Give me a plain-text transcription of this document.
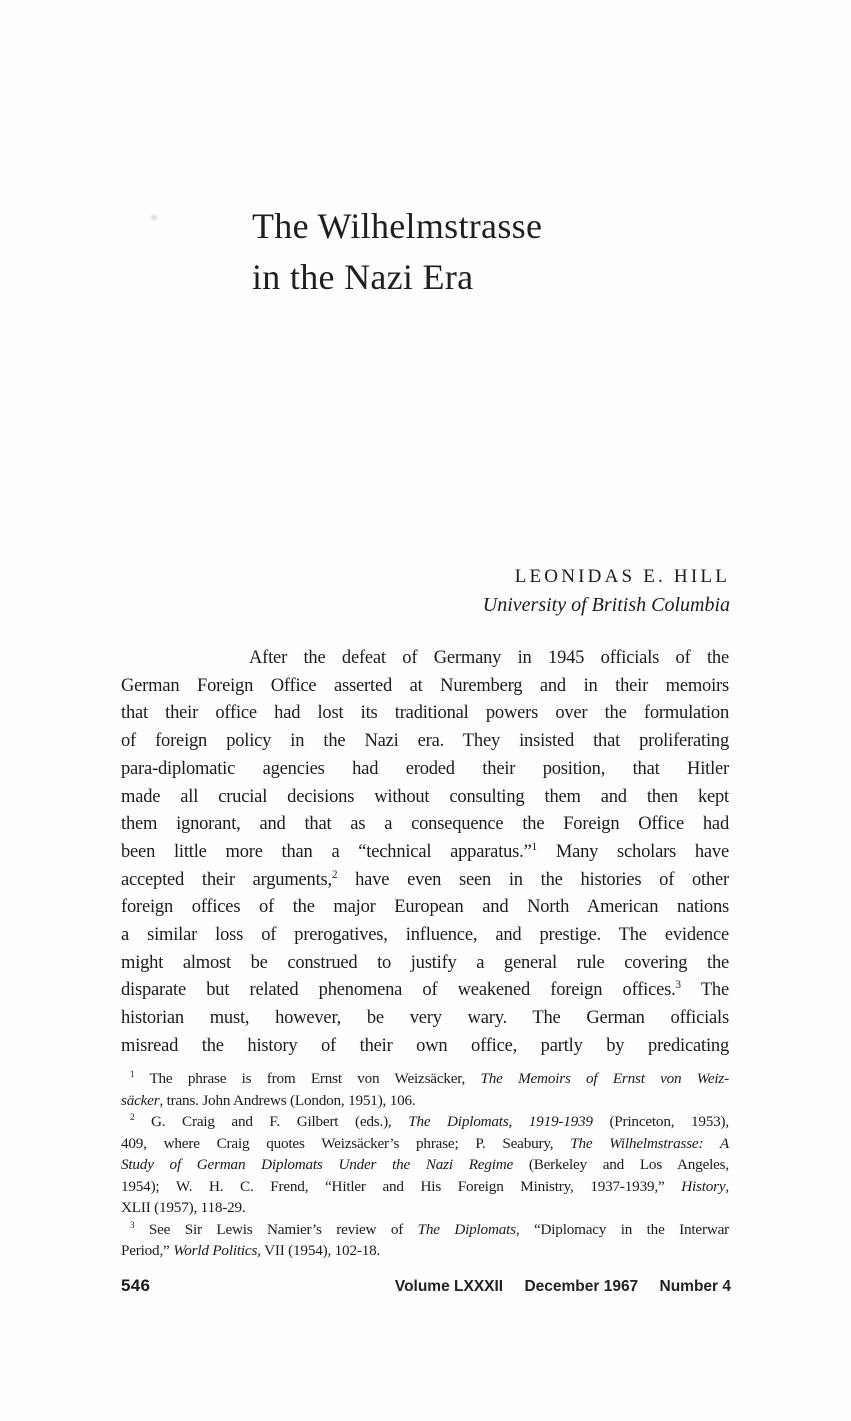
The Wilhelmstrasse
in the Nazi Era
LEONIDAS E. HILL
University of British Columbia
After the defeat of Germany in 1945 officials of the
German Foreign Office asserted at Nuremberg and in their memoirs
that their office had lost its traditional powers over the formulation
of foreign policy in the Nazi era. They insisted that proliferating
para-diplomatic agencies had eroded their position, that Hitler
made all crucial decisions without consulting them and then kept
them ignorant, and that as a consequence the Foreign Office had
been little more than a “technical apparatus.”$^1$ Many scholars have
accepted their arguments,$^2$ have even seen in the histories of other
foreign offices of the major European and North American nations
a similar loss of prerogatives, influence, and prestige. The evidence
might almost be construed to justify a general rule covering the
disparate but related phenomena of weakened foreign offices.$^3$ The
historian must, however, be very wary. The German officials
misread the history of their own office, partly by predicating
$^1$ The phrase is from Ernst von Weizsäcker, The Memoirs of Ernst von Weiz-
säcker, trans. John Andrews (London, 1951), 106.
$^2$ G. Craig and F. Gilbert (eds.), The Diplomats, 1919-1939 (Princeton, 1953),
409, where Craig quotes Weizsäcker’s phrase; P. Seabury, The Wilhelmstrasse: A
Study of German Diplomats Under the Nazi Regime (Berkeley and Los Angeles,
1954); W. H. C. Frend, “Hitler and His Foreign Ministry, 1937-1939,” History,
XLII (1957), 118-29.
$^3$ See Sir Lewis Namier’s review of The Diplomats, “Diplomacy in the Interwar
Period,” World Politics, VII (1954), 102-18.
546	Volume LXXXII December 1967 Number 4
